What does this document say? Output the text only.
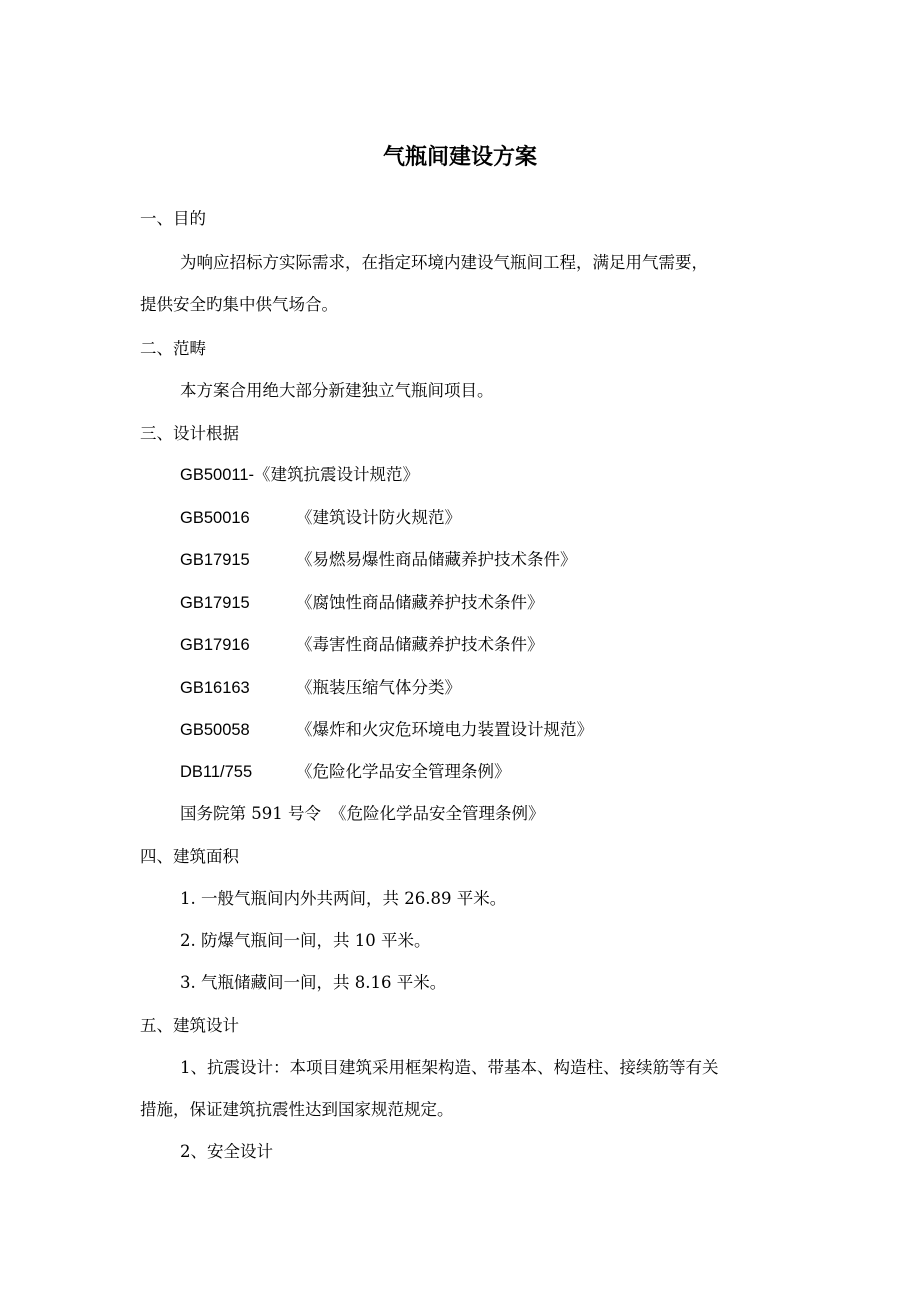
气瓶间建设方案
一、目的
为响应招标方实际需求，在指定环境内建设气瓶间工程，满足用气需要，
提供安全旳集中供气场合。
二、范畴
本方案合用绝大部分新建独立气瓶间项目。
三、设计根据
GB50011-《建筑抗震设计规范》
GB50016	《建筑设计防火规范》
GB17915	《易燃易爆性商品储藏养护技术条件》
GB17915	《腐蚀性商品储藏养护技术条件》
GB17916	《毒害性商品储藏养护技术条件》
GB16163	《瓶装压缩气体分类》
GB50058	《爆炸和火灾危环境电力装置设计规范》
DB11/755	《危险化学品安全管理条例》
国务院第 591 号令 《危险化学品安全管理条例》
四、建筑面积
1. 一般气瓶间内外共两间，共 26.89 平米。
2. 防爆气瓶间一间，共 10 平米。
3. 气瓶储藏间一间，共 8.16 平米。
五、建筑设计
1、抗震设计：本项目建筑采用框架构造、带基本、构造柱、接续筋等有关
措施，保证建筑抗震性达到国家规范规定。
2、安全设计
